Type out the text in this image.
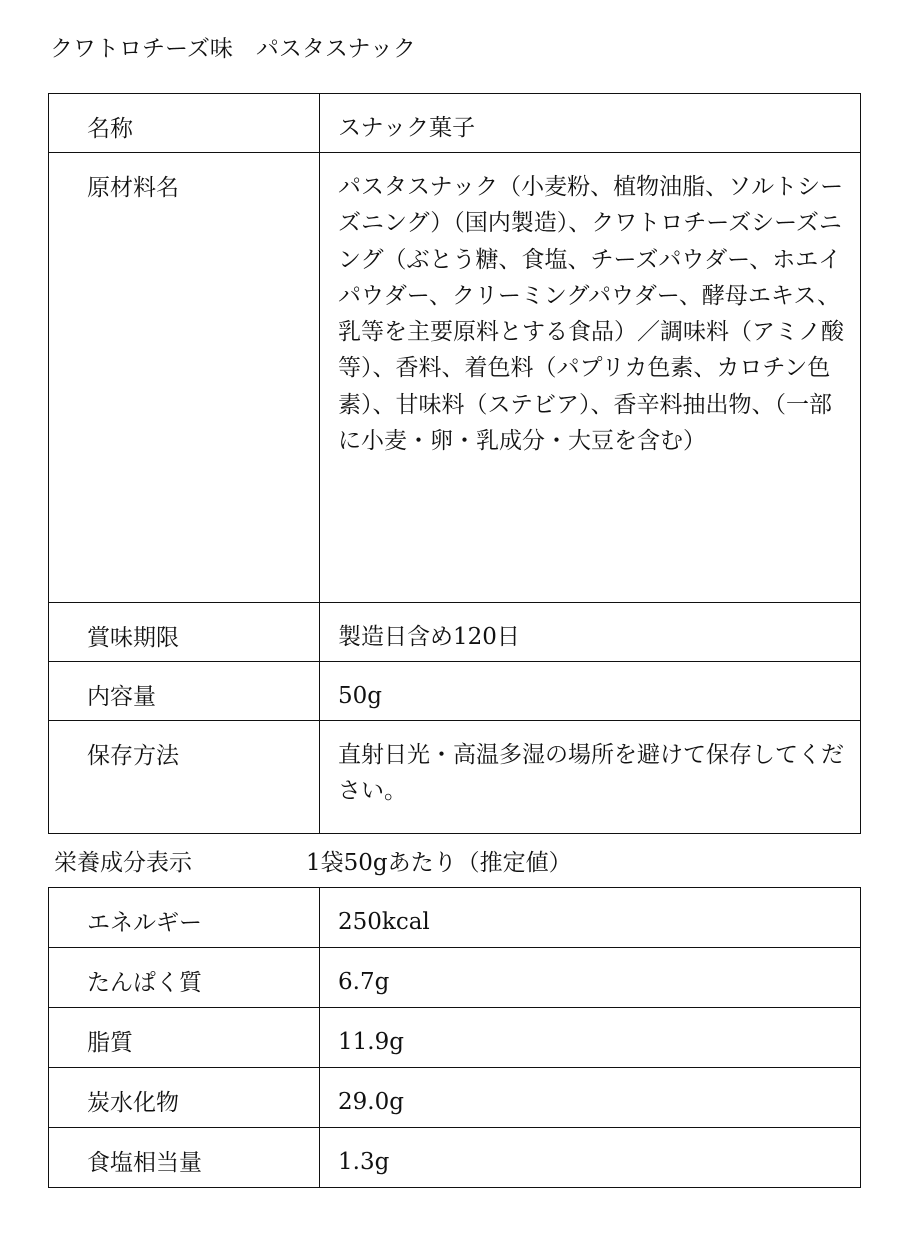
クワトロチーズ味　パスタスナック
名称	スナック菓子
原材料名	パスタスナック（小麦粉、植物油脂、ソルトシーズニング）（国内製造）、クワトロチーズシーズニング（ぶとう糖、食塩、チーズパウダー、ホエイパウダー、クリーミングパウダー、酵母エキス、乳等を主要原料とする食品）／調味料（アミノ酸等）、香料、着色料（パプリカ色素、カロチン色素）、甘味料（ステビア）、香辛料抽出物、（一部に小麦・卵・乳成分・大豆を含む）

賞味期限	製造日含め120日
内容量	50g
保存方法	直射日光・高温多湿の場所を避けて保存してください。
栄養成分表示	1袋50gあたり（推定値）
エネルギー	250kcal
たんぱく質	6.7g
脂質	11.9g
炭水化物	29.0g
食塩相当量	1.3g
